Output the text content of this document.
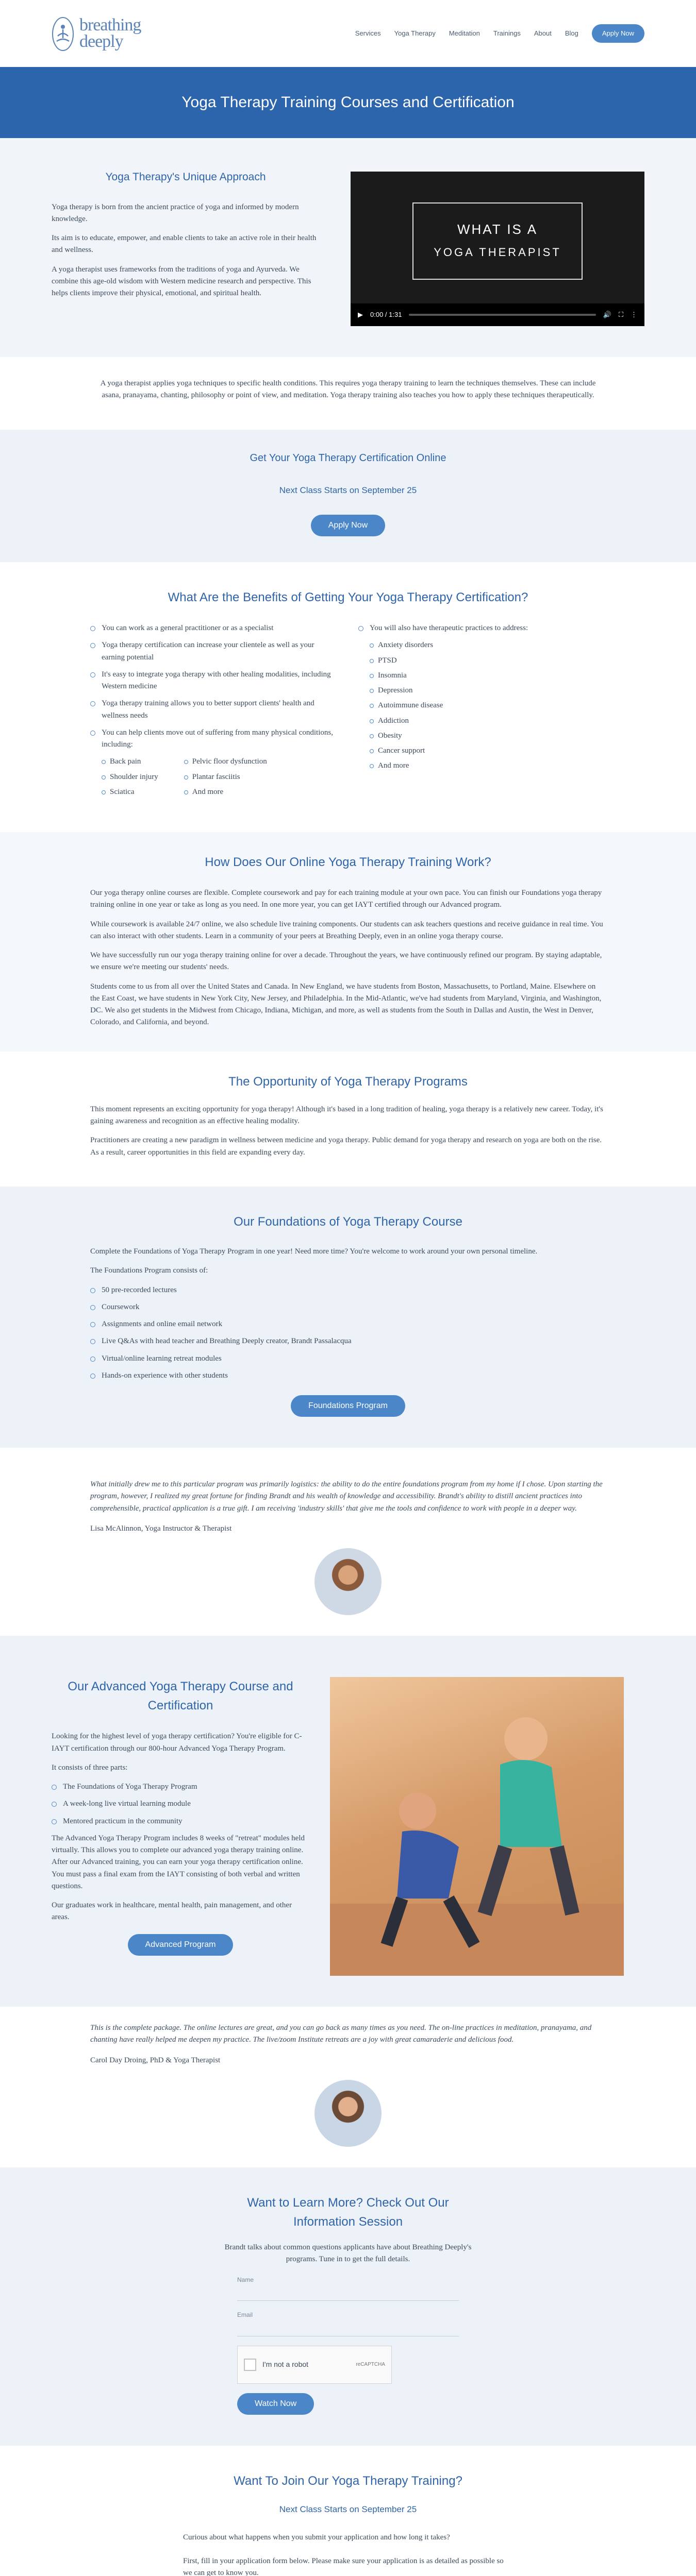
breathing
deeply	Services Yoga Therapy Meditation Trainings About Blog	Apply Now
Yoga Therapy Training Courses and Certification
Yoga Therapy's Unique Approach

Yoga therapy is born from the ancient practice of yoga and informed by modern knowledge.

Its aim is to educate, empower, and enable clients to take an active role in their health and wellness.

A yoga therapist uses frameworks from the traditions of yoga and Ayurveda. We combine this age-old wisdom with Western medicine research and perspective. This helps clients improve their physical, emotional, and spiritual health.

WHAT IS A
YOGA THERAPIST
▶ 0:00 / 1:31	🔊 ⛶ ⋮

A yoga therapist applies yoga techniques to specific health conditions. This requires yoga therapy training to learn the techniques themselves. These can include asana, pranayama, chanting, philosophy or point of view, and meditation. Yoga therapy training also teaches you how to apply these techniques therapeutically.

Get Your Yoga Therapy Certification Online
Next Class Starts on September 25
Apply Now
What Are the Benefits of Getting Your Yoga Therapy Certification?
You can work as a general practitioner or as a specialist
Yoga therapy certification can increase your clientele as well as your earning potential
It's easy to integrate yoga therapy with other healing modalities, including Western medicine
Yoga therapy training allows you to better support clients' health and wellness needs
You can help clients move out of suffering from many physical conditions, including:
Back pain
Shoulder injury
Sciatica
Pelvic floor dysfunction
Plantar fasciitis
And more
You will also have therapeutic practices to address:
Anxiety disorders
PTSD
Insomnia
Depression
Autoimmune disease
Addiction
Obesity
Cancer support
And more
How Does Our Online Yoga Therapy Training Work?

Our yoga therapy online courses are flexible. Complete coursework and pay for each training module at your own pace. You can finish our Foundations yoga therapy training online in one year or take as long as you need. In one more year, you can get IAYT certified through our Advanced program.

While coursework is available 24/7 online, we also schedule live training components. Our students can ask teachers questions and receive guidance in real time. You can also interact with other students. Learn in a community of your peers at Breathing Deeply, even in an online yoga therapy course.

We have successfully run our yoga therapy training online for over a decade. Throughout the years, we have continuously refined our program. By staying adaptable, we ensure we're meeting our students' needs.

Students come to us from all over the United States and Canada. In New England, we have students from Boston, Massachusetts, to Portland, Maine. Elsewhere on the East Coast, we have students in New York City, New Jersey, and Philadelphia. In the Mid-Atlantic, we've had students from Maryland, Virginia, and Washington, DC. We also get students in the Midwest from Chicago, Indiana, Michigan, and more, as well as students from the South in Dallas and Austin, the West in Denver, Colorado, and California, and beyond.

The Opportunity of Yoga Therapy Programs

This moment represents an exciting opportunity for yoga therapy! Although it's based in a long tradition of healing, yoga therapy is a relatively new career. Today, it's gaining awareness and recognition as an effective healing modality.

Practitioners are creating a new paradigm in wellness between medicine and yoga therapy. Public demand for yoga therapy and research on yoga are both on the rise. As a result, career opportunities in this field are expanding every day.

Our Foundations of Yoga Therapy Course

Complete the Foundations of Yoga Therapy Program in one year! Need more time? You're welcome to work around your own personal timeline.

The Foundations Program consists of:

50 pre-recorded lectures
Coursework
Assignments and online email network
Live Q&As with head teacher and Breathing Deeply creator, Brandt Passalacqua
Virtual/online learning retreat modules
Hands-on experience with other students
Foundations Program
What initially drew me to this particular program was primarily logistics: the ability to do the entire foundations program from my home if I chose. Upon starting the program, however, I realized my great fortune for finding Brandt and his wealth of knowledge and accessibility. Brandt's ability to distill ancient practices into comprehensible, practical application is a true gift. I am receiving 'industry skills' that give me the tools and confidence to work with people in a deeper way.

Lisa McAlinnon, Yoga Instructor & Therapist

Our Advanced Yoga Therapy Course and Certification

Looking for the highest level of yoga therapy certification? You're eligible for C-IAYT certification through our 800-hour Advanced Yoga Therapy Program.

It consists of three parts:

The Foundations of Yoga Therapy Program
A week-long live virtual learning module
Mentored practicum in the community

The Advanced Yoga Therapy Program includes 8 weeks of "retreat" modules held virtually. This allows you to complete our advanced yoga therapy training online. After our Advanced training, you can earn your yoga therapy certification online. You must pass a final exam from the IAYT consisting of both verbal and written questions.

Our graduates work in healthcare, mental health, pain management, and other areas.

Advanced Program
This is the complete package. The online lectures are great, and you can go back as many times as you need. The on-line practices in meditation, pranayama, and chanting have really helped me deepen my practice. The live/zoom Institute retreats are a joy with great camaraderie and delicious food.

Carol Day Droing, PhD & Yoga Therapist

Want to Learn More? Check Out Our Information Session

Brandt talks about common questions applicants have about Breathing Deeply's programs. Tune in to get the full details.

Name
Email
I'm not a robot	reCAPTCHA
Watch Now
Want To Join Our Yoga Therapy Training?
Next Class Starts on September 25
Curious about what happens when you submit your application and how long it takes?
First, fill in your application form below. Please make sure your application is as detailed as possible so we can get to know you.
